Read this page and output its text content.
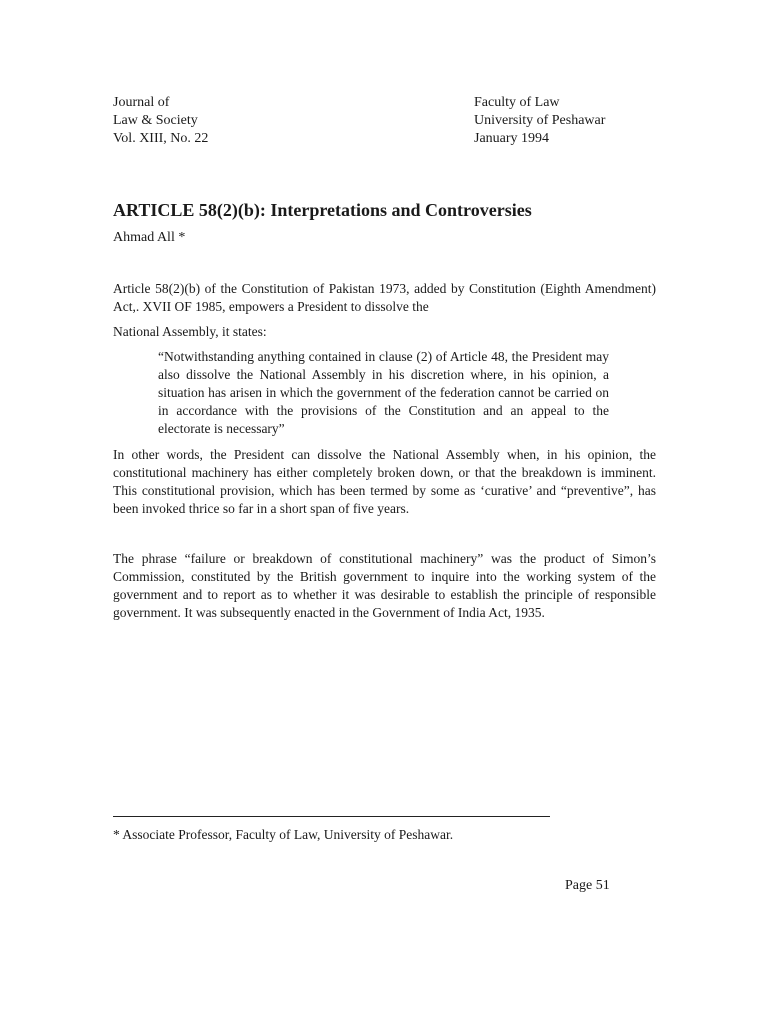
Journal of
Law & Society
Vol. XIII, No. 22
Faculty of Law
University of Peshawar
January 1994
ARTICLE 58(2)(b): Interpretations and Controversies
Ahmad All *

Article 58(2)(b) of the Constitution of Pakistan 1973, added by Constitution (Eighth Amendment) Act,. XVII OF 1985, empowers a President to dissolve the

National Assembly, it states:

“Notwithstanding anything contained in clause (2) of Article 48, the President may also dissolve the National Assembly in his discretion where, in his opinion, a situation has arisen in which the government of the federation cannot be carried on in accordance with the provisions of the Constitution and an appeal to the electorate is necessary”

In other words, the President can dissolve the National Assembly when, in his opinion, the constitutional machinery has either completely broken down, or that the breakdown is imminent. This constitutional provision, which has been termed by some as ‘curative’ and “preventive”, has been invoked thrice so far in a short span of five years.

The phrase “failure or breakdown of constitutional machinery” was the product of Simon’s Commission, constituted by the British government to inquire into the working system of the government and to report as to whether it was desirable to establish the principle of responsible government. It was subsequently enacted in the Government of India Act, 1935.

* Associate Professor, Faculty of Law, University of Peshawar.
Page 51
